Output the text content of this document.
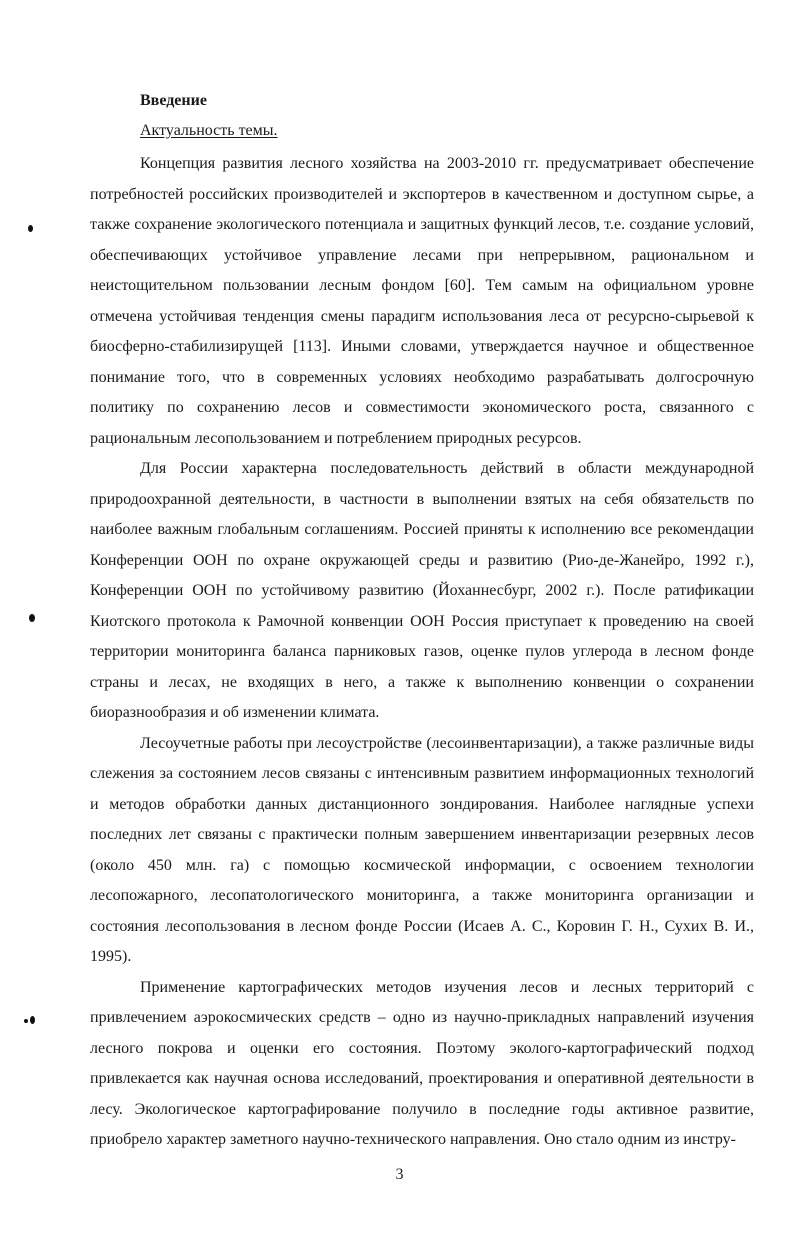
Введение
Актуальность темы.

Концепция развития лесного хозяйства на 2003-2010 гг. предусматривает обеспечение потребностей российских производителей и экспортеров в качественном и доступном сырье, а также сохранение экологического потенциала и защитных функций лесов, т.е. создание условий, обеспечивающих устойчивое управление лесами при непрерывном, рациональном и неистощительном пользовании лесным фондом [60]. Тем самым на официальном уровне отмечена устойчивая тенденция смены парадигм использования леса от ресурсно-сырьевой к биосферно-стабилизирущей [113]. Иными словами, утверждается научное и общественное понимание того, что в современных условиях необходимо разрабатывать долгосрочную политику по сохранению лесов и совместимости экономического роста, связанного с рациональным лесопользованием и потреблением природных ресурсов.

Для России характерна последовательность действий в области международной природоохранной деятельности, в частности в выполнении взятых на себя обязательств по наиболее важным глобальным соглашениям. Россией приняты к исполнению все рекомендации Конференции ООН по охране окружающей среды и развитию (Рио-де-Жанейро, 1992 г.), Конференции ООН по устойчивому развитию (Йоханнесбург, 2002 г.). После ратификации Киотского протокола к Рамочной конвенции ООН Россия приступает к проведению на своей территории мониторинга баланса парниковых газов, оценке пулов углерода в лесном фонде страны и лесах, не входящих в него, а также к выполнению конвенции о сохранении биоразнообразия и об изменении климата.

Лесоучетные работы при лесоустройстве (лесоинвентаризации), а также различные виды слежения за состоянием лесов связаны с интенсивным развитием информационных технологий и методов обработки данных дистанционного зондирования. Наиболее наглядные успехи последних лет связаны с практически полным завершением инвентаризации резервных лесов (около 450 млн. га) с помощью космической информации, с освоением технологии лесопожарного, лесопатологического мониторинга, а также мониторинга организации и состояния лесопользования в лесном фонде России (Исаев А. С., Коровин Г. Н., Сухих В. И., 1995).

Применение картографических методов изучения лесов и лесных территорий с привлечением аэрокосмических средств – одно из научно-прикладных направлений изучения лесного покрова и оценки его состояния. Поэтому эколого-картографический подход привлекается как научная основа исследований, проектирования и оперативной деятельности в лесу. Экологическое картографирование получило в последние годы активное развитие, приобрело характер заметного научно-технического направления. Оно стало одним из инстру-

3
